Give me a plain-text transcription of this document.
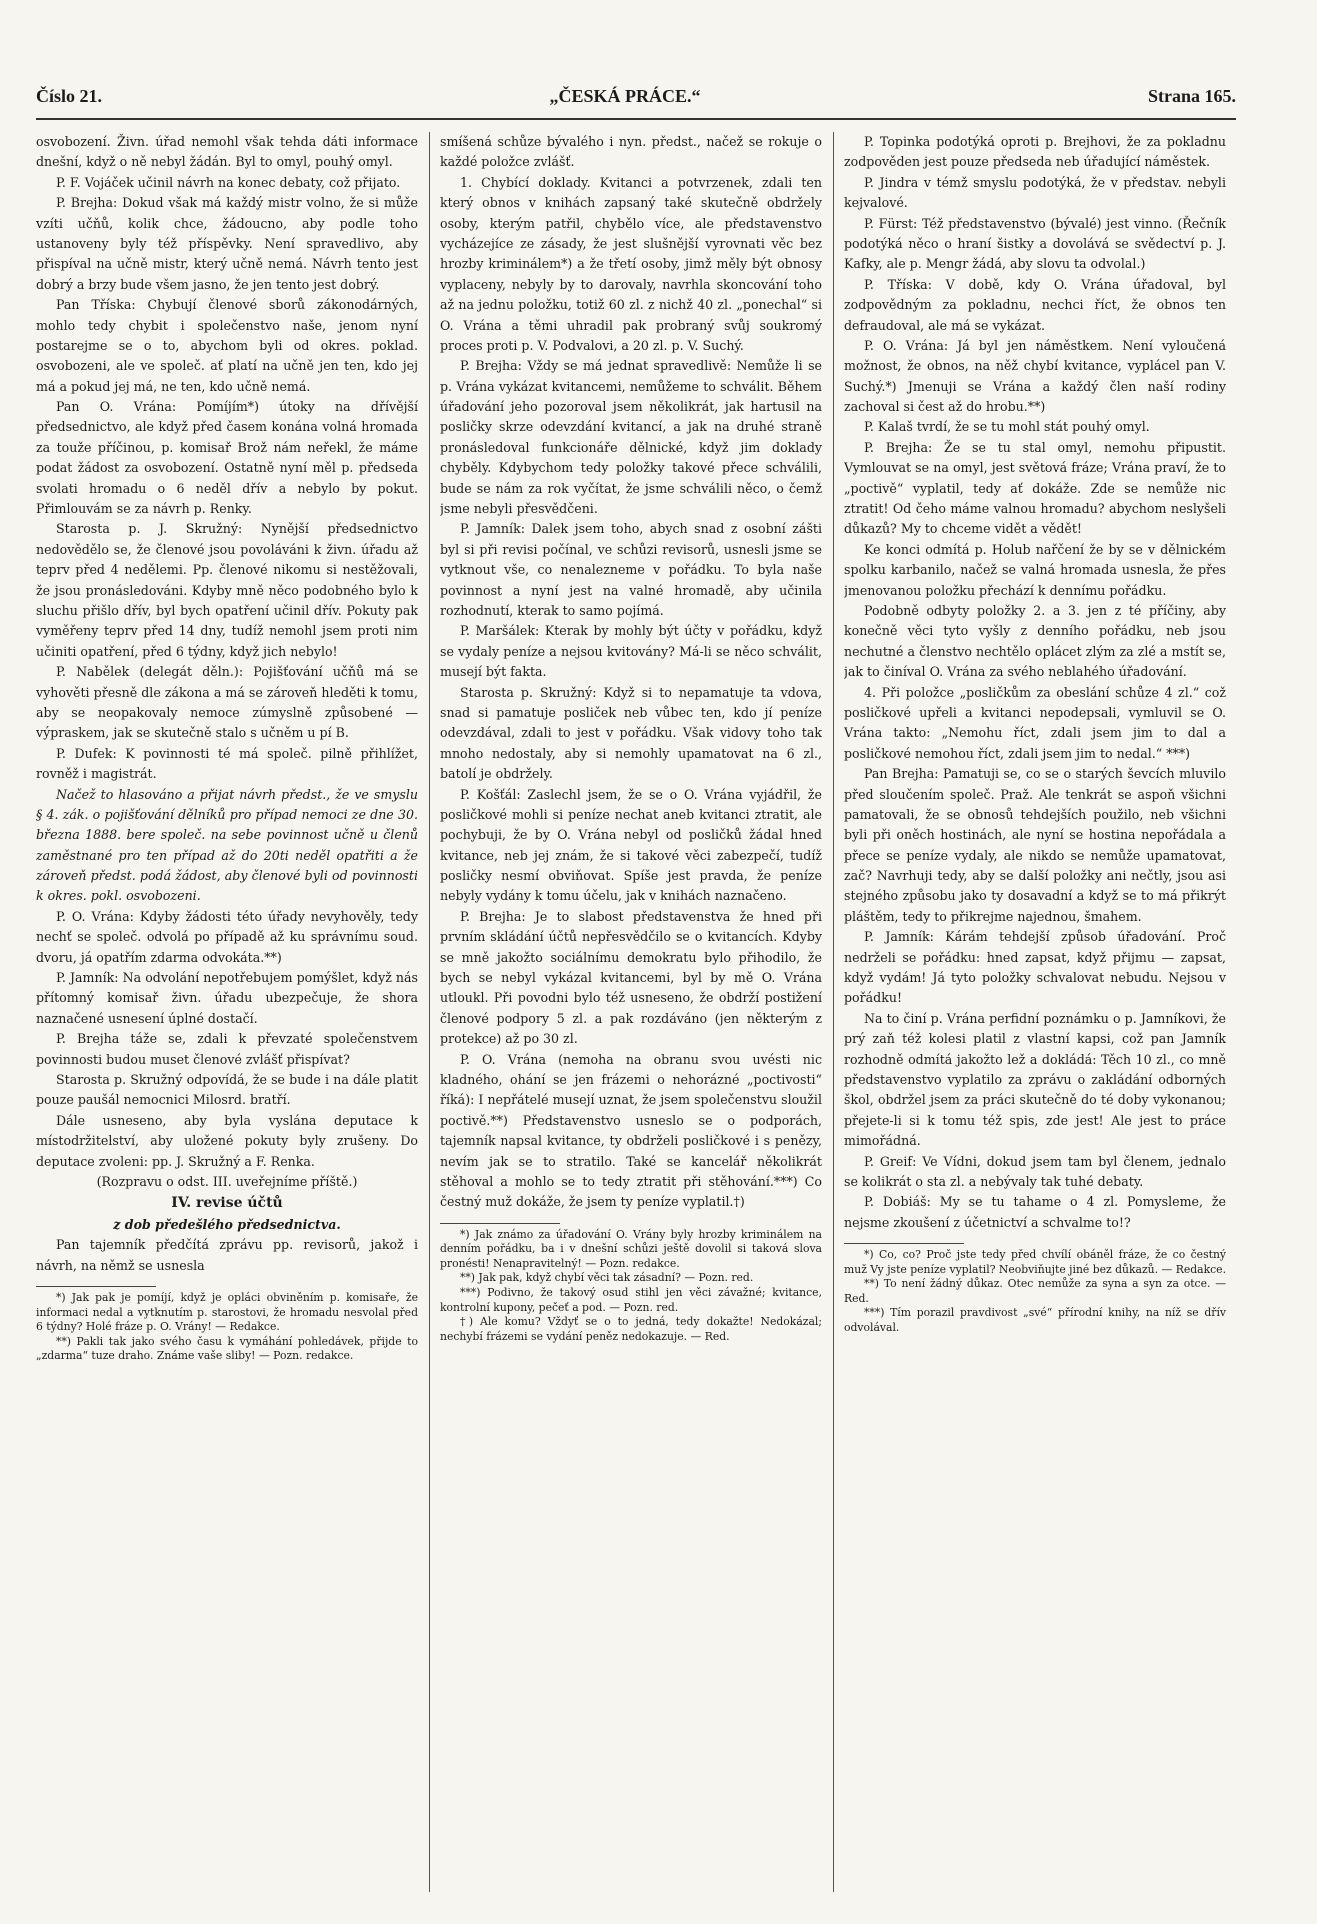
Číslo 21.	„ČESKÁ PRÁCE.“	Strana 165.

osvobození. Živn. úřad nemohl však tehda dáti informace dnešní, když o ně nebyl žádán. Byl to omyl, pouhý omyl.

P. F. Vojáček učinil návrh na konec debaty, což přijato.

P. Brejha: Dokud však má každý mistr volno, že si může vzíti učňů, kolik chce, žádoucno, aby podle toho ustanoveny byly též příspěvky. Není spravedlivo, aby přispíval na učně mistr, který učně nemá. Návrh tento jest dobrý a brzy bude všem jasno, že jen tento jest dobrý.

Pan Tříska: Chybují členové sborů zákonodárných, mohlo tedy chybit i společenstvo naše, jenom nyní postarejme se o to, abychom byli od okres. poklad. osvobozeni, ale ve společ. ať platí na učně jen ten, kdo jej má a pokud jej má, ne ten, kdo učně nemá.

Pan O. Vrána: Pomíjím*) útoky na dřívější předsednictvo, ale když před časem konána volná hromada za touže příčinou, p. komisař Brož nám neřekl, že máme podat žádost za osvobození. Ostatně nyní měl p. předseda svolati hromadu o 6 neděl dřív a nebylo by pokut. Přimlouvám se za návrh p. Renky.

Starosta p. J. Skružný: Nynější předsednictvo nedovědělo se, že členové jsou povoláváni k živn. úřadu až teprv před 4 nedělemi. Pp. členové nikomu si nestěžovali, že jsou pronásledováni. Kdyby mně něco podobného bylo k sluchu přišlo dřív, byl bych opatření učinil dřív. Pokuty pak vyměřeny teprv před 14 dny, tudíž nemohl jsem proti nim učiniti opatření, před 6 týdny, když jich nebylo!

P. Nabělek (delegát děln.): Pojišťování učňů má se vyhověti přesně dle zákona a má se zároveň hleděti k tomu, aby se neopakovaly nemoce zúmyslně způsobené — výpraskem, jak se skutečně stalo s učněm u pí B.

P. Dufek: K povinnosti té má společ. pilně přihlížet, rovněž i magistrát.

Načež to hlasováno a přijat návrh předst., že ve smyslu § 4. zák. o pojišťování dělníků pro případ nemoci ze dne 30. března 1888. bere společ. na sebe povinnost učně u členů zaměstnané pro ten případ až do 20ti neděl opatřiti a že zároveň předst. podá žádost, aby členové byli od povinnosti k okres. pokl. osvobozeni.

P. O. Vrána: Kdyby žádosti této úřady nevyhověly, tedy nechť se společ. odvolá po případě až ku správnímu soud. dvoru, já opatřím zdarma odvokáta.**)

P. Jamník: Na odvolání nepotřebujem pomýšlet, když nás přítomný komisař živn. úřadu ubezpečuje, že shora naznačené usnesení úplné dostačí.

P. Brejha táže se, zdali k převzaté společenstvem povinnosti budou muset členové zvlášť přispívat?

Starosta p. Skružný odpovídá, že se bude i na dále platit pouze paušál nemocnici Milosrd. bratří.

Dále usneseno, aby byla vyslána deputace k místodržitelství, aby uložené pokuty byly zrušeny. Do deputace zvoleni: pp. J. Skružný a F. Renka.

(Rozpravu o odst. III. uveřejníme příště.)

IV. revise účtů

z dob předešlého předsednictva.

Pan tajemník předčítá zprávu pp. revisorů, jakož i návrh, na němž se usnesla

*) Jak pak je pomíjí, když je opláci obviněním p. komisaře, že informaci nedal a vytknutím p. starostovi, že hromadu nesvolal před 6 týdny? Holé fráze p. O. Vrány! — Redakce.

**) Pakli tak jako svého času k vymáhání pohledávek, přijde to „zdarma“ tuze draho. Známe vaše sliby! — Pozn. redakce.

smíšená schůze bývalého i nyn. předst., načež se rokuje o každé položce zvlášť.

1. Chybící doklady. Kvitanci a potvrzenek, zdali ten který obnos v knihách zapsaný také skutečně obdržely osoby, kterým patřil, chybělo více, ale představenstvo vycházejíce ze zásady, že jest slušnější vyrovnati věc bez hrozby kriminálem*) a že třetí osoby, jimž měly být obnosy vyplaceny, nebyly by to darovaly, navrhla skoncování toho až na jednu položku, totiž 60 zl. z nichž 40 zl. „ponechal“ si O. Vrána a těmi uhradil pak probraný svůj soukromý proces proti p. V. Podvalovi, a 20 zl. p. V. Suchý.

P. Brejha: Vždy se má jednat spravedlivě: Nemůže li se p. Vrána vykázat kvitancemi, nemůžeme to schválit. Během úřadování jeho pozoroval jsem několikrát, jak hartusil na posličky skrze odevzdání kvitancí, a jak na druhé straně pronásledoval funkcionáře dělnické, když jim doklady chyběly. Kdybychom tedy položky takové přece schválili, bude se nám za rok vyčítat, že jsme schválili něco, o čemž jsme nebyli přesvědčeni.

P. Jamník: Dalek jsem toho, abych snad z osobní zášti byl si při revisi počínal, ve schůzi revisorů, usnesli jsme se vytknout vše, co nenalezneme v pořádku. To byla naše povinnost a nyní jest na valné hromadě, aby učinila rozhodnutí, kterak to samo pojímá.

P. Maršálek: Kterak by mohly být účty v pořádku, když se vydaly peníze a nejsou kvitovány? Má-li se něco schválit, musejí být fakta.

Starosta p. Skružný: Když si to nepamatuje ta vdova, snad si pamatuje posliček neb vůbec ten, kdo jí peníze odevzdával, zdali to jest v pořádku. Však vidovy toho tak mnoho nedostaly, aby si nemohly upamatovat na 6 zl., batolí je obdržely.

P. Košťál: Zaslechl jsem, že se o O. Vrána vyjádřil, že posličkové mohli si peníze nechat aneb kvitanci ztratit, ale pochybuji, že by O. Vrána nebyl od posličků žádal hned kvitance, neb jej znám, že si takové věci zabezpečí, tudíž posličky nesmí obviňovat. Spíše jest pravda, že peníze nebyly vydány k tomu účelu, jak v knihách naznačeno.

P. Brejha: Je to slabost představenstva že hned při prvním skládání účtů nepřesvědčilo se o kvitancích. Kdyby se mně jakožto sociálnímu demokratu bylo přihodilo, že bych se nebyl vykázal kvitancemi, byl by mě O. Vrána utloukl. Při povodni bylo též usneseno, že obdrží postižení členové podpory 5 zl. a pak rozdáváno (jen některým z protekce) až po 30 zl.

P. O. Vrána (nemoha na obranu svou uvésti nic kladného, ohání se jen frázemi o nehorázné „poctivosti“ říká): I nepřátelé musejí uznat, že jsem společenstvu sloužil poctivě.**) Představenstvo usneslo se o podporách, tajemník napsal kvitance, ty obdrželi posličkové i s penězy, nevím jak se to stratilo. Také se kancelář několikrát stěhoval a mohlo se to tedy ztratit při stěhování.***) Co čestný muž dokáže, že jsem ty peníze vyplatil.†)

*) Jak známo za úřadování O. Vrány byly hrozby kriminálem na denním pořádku, ba i v dnešní schůzi ještě dovolil si taková slova pronésti! Nenapravitelný! — Pozn. redakce.

**) Jak pak, když chybí věci tak zásadní? — Pozn. red.

***) Podivno, že takový osud stihl jen věci závažné; kvitance, kontrolní kupony, pečeť a pod. — Pozn. red.

†) Ale komu? Vždyť se o to jedná, tedy dokažte! Nedokázal; nechybí frázemi se vydání peněz nedokazuje. — Red.

P. Topinka podotýká oproti p. Brejhovi, že za pokladnu zodpověden jest pouze předseda neb úřadující náměstek.

P. Jindra v témž smyslu podotýká, že v představ. nebyli kejvalové.

P. Fürst: Též představenstvo (bývalé) jest vinno. (Řečník podotýká něco o hraní šistky a dovolává se svědectví p. J. Kafky, ale p. Mengr žádá, aby slovu ta odvolal.)

P. Tříska: V době, kdy O. Vrána úřadoval, byl zodpovědným za pokladnu, nechci říct, že obnos ten defraudoval, ale má se vykázat.

P. O. Vrána: Já byl jen náměstkem. Není vyloučená možnost, že obnos, na něž chybí kvitance, vyplácel pan V. Suchý.*) Jmenuji se Vrána a každý člen naší rodiny zachoval si čest až do hrobu.**)

P. Kalaš tvrdí, že se tu mohl stát pouhý omyl.

P. Brejha: Že se tu stal omyl, nemohu připustit. Vymlouvat se na omyl, jest světová fráze; Vrána praví, že to „poctivě“ vyplatil, tedy ať dokáže. Zde se nemůže nic ztratit! Od čeho máme valnou hromadu? abychom neslyšeli důkazů? My to chceme vidět a vědět!

Ke konci odmítá p. Holub nařčení že by se v dělnickém spolku karbanilo, načež se valná hromada usnesla, že přes jmenovanou položku přechází k dennímu pořádku.

Podobně odbyty položky 2. a 3. jen z té příčiny, aby konečně věci tyto vyšly z denního pořádku, neb jsou nechutné a členstvo nechtělo oplácet zlým za zlé a mstít se, jak to činíval O. Vrána za svého neblahého úřadování.

4. Při položce „posličkům za obeslání schůze 4 zl.“ což posličkové upřeli a kvitanci nepodepsali, vymluvil se O. Vrána takto: „Nemohu říct, zdali jsem jim to dal a posličkové nemohou říct, zdali jsem jim to nedal.“ ***)

Pan Brejha: Pamatuji se, co se o starých ševcích mluvilo před sloučením společ. Praž. Ale tenkrát se aspoň všichni pamatovali, že se obnosů tehdejších použilo, neb všichni byli při oněch hostinách, ale nyní se hostina nepořádala a přece se peníze vydaly, ale nikdo se nemůže upamatovat, zač? Navrhuji tedy, aby se další položky ani nečtly, jsou asi stejného způsobu jako ty dosavadní a když se to má přikrýt pláštěm, tedy to přikrejme najednou, šmahem.

P. Jamník: Kárám tehdejší způsob úřadování. Proč nedrželi se pořádku: hned zapsat, když přijmu — zapsat, když vydám! Já tyto položky schvalovat nebudu. Nejsou v pořádku!

Na to činí p. Vrána perfidní poznámku o p. Jamníkovi, že prý zaň též kolesi platil z vlastní kapsi, což pan Jamník rozhodně odmítá jakožto lež a dokládá: Těch 10 zl., co mně představenstvo vyplatilo za zprávu o zakládání odborných škol, obdržel jsem za práci skutečně do té doby vykonanou; přejete-li si k tomu též spis, zde jest! Ale jest to práce mimořádná.

P. Greif: Ve Vídni, dokud jsem tam byl členem, jednalo se kolikrát o sta zl. a nebývaly tak tuhé debaty.

P. Dobiáš: My se tu tahame o 4 zl. Pomysleme, že nejsme zkoušení z účetnictví a schvalme to!?

*) Co, co? Proč jste tedy před chvílí obáněl fráze, že co čestný muž Vy jste peníze vyplatil? Neobviňujte jiné bez důkazů. — Redakce.

**) To není žádný důkaz. Otec nemůže za syna a syn za otce. — Red.

***) Tím porazil pravdivost „své“ přírodní knihy, na níž se dřív odvolával.
